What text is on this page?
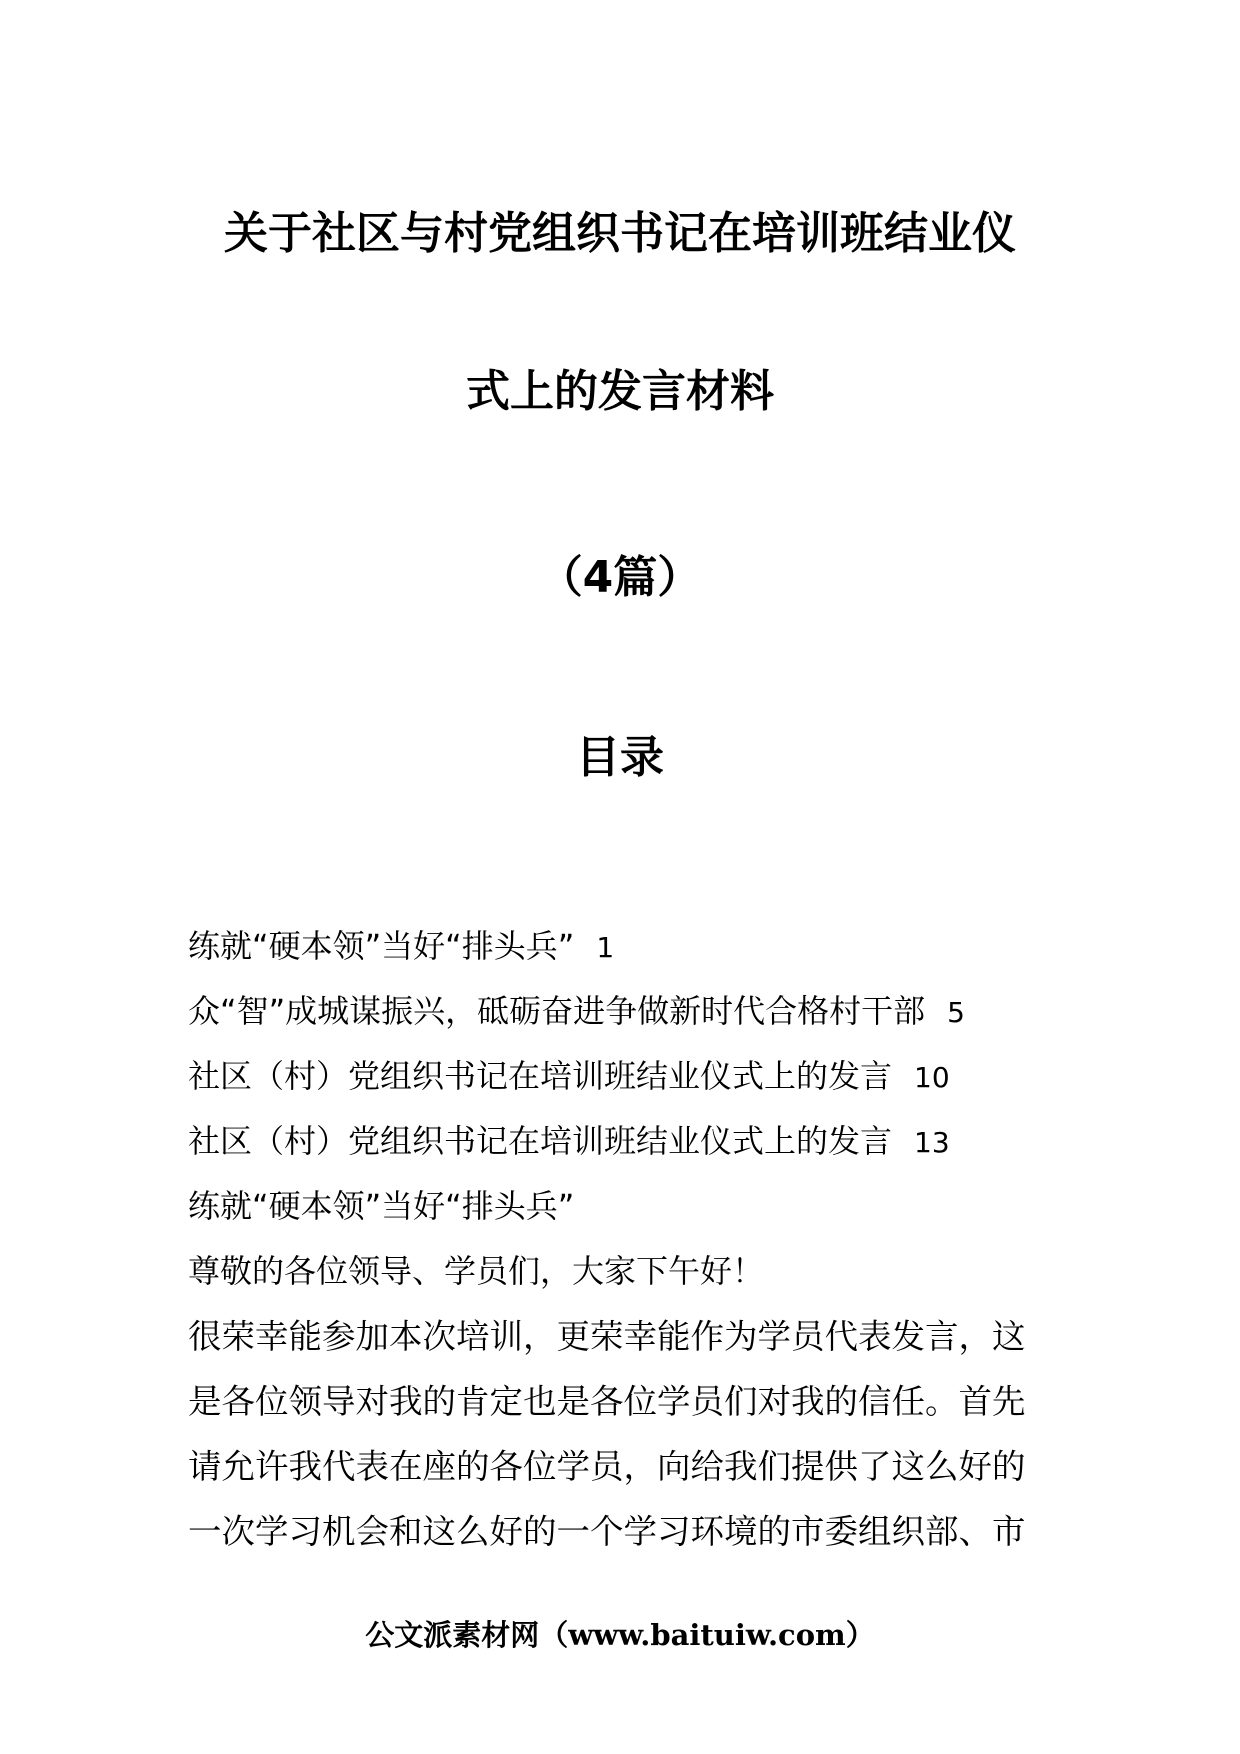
关于社区与村党组织书记在培训班结业仪
式上的发言材料
（4篇）
目录
练就“硬本领”当好“排头兵” 1
众“智”成城谋振兴，砥砺奋进争做新时代合格村干部 5
社区（村）党组织书记在培训班结业仪式上的发言 10
社区（村）党组织书记在培训班结业仪式上的发言 13
练就“硬本领”当好“排头兵”
尊敬的各位领导、学员们，大家下午好！
很荣幸能参加本次培训，更荣幸能作为学员代表发言，这
是各位领导对我的肯定也是各位学员们对我的信任。首先
请允许我代表在座的各位学员，向给我们提供了这么好的
一次学习机会和这么好的一个学习环境的市委组织部、市
公文派素材网（www.baituiw.com）
